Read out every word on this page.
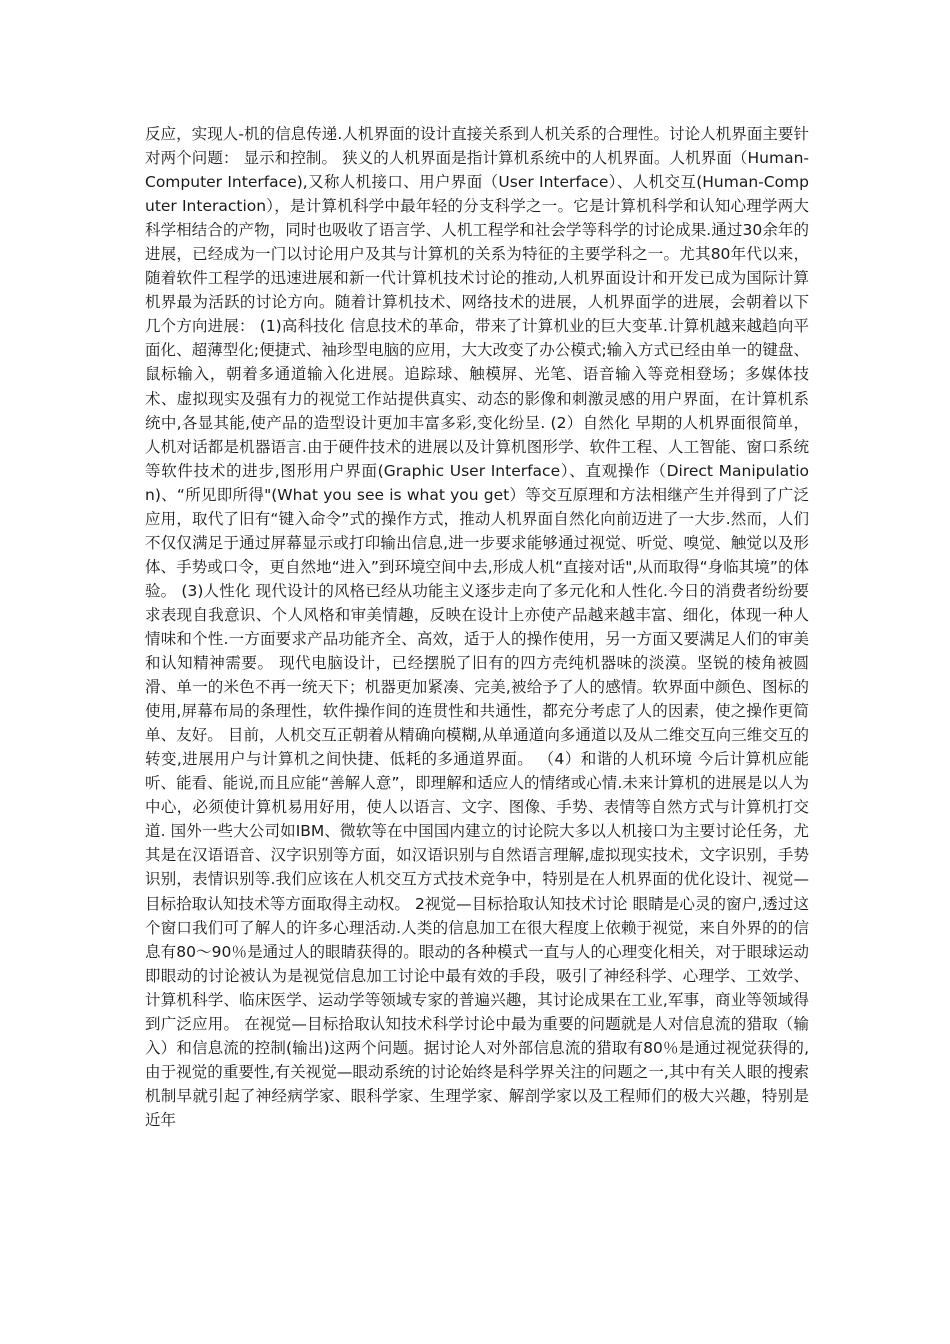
反应，实现人-机的信息传递.人机界面的设计直接关系到人机关系的合理性。讨论人机界面主要针对两个问题： 显示和控制。 狭义的人机界面是指计算机系统中的人机界面。人机界面（Human-Computer Interface),又称人机接口、用户界面（User Interface）、人机交互(Human-Computer Interaction），是计算机科学中最年轻的分支科学之一。它是计算机科学和认知心理学两大科学相结合的产物，同时也吸收了语言学、人机工程学和社会学等科学的讨论成果.通过30余年的进展，已经成为一门以讨论用户及其与计算机的关系为特征的主要学科之一。尤其80年代以来，随着软件工程学的迅速进展和新一代计算机技术讨论的推动,人机界面设计和开发已成为国际计算机界最为活跃的讨论方向。随着计算机技术、网络技术的进展，人机界面学的进展，会朝着以下几个方向进展： (1)高科技化 信息技术的革命，带来了计算机业的巨大变革.计算机越来越趋向平面化、超薄型化;便捷式、袖珍型电脑的应用，大大改变了办公模式;输入方式已经由单一的键盘、鼠标输入，朝着多通道输入化进展。追踪球、触模屏、光笔、语音输入等竞相登场；多媒体技术、虚拟现实及强有力的视觉工作站提供真实、动态的影像和刺激灵感的用户界面，在计算机系统中,各显其能,使产品的造型设计更加丰富多彩,变化纷呈. (2）自然化 早期的人机界面很简单，人机对话都是机器语言.由于硬件技术的进展以及计算机图形学、软件工程、人工智能、窗口系统等软件技术的进步,图形用户界面(Graphic User Interface）、直观操作（Direct Manipulation)、“所见即所得"(What you see is what you get）等交互原理和方法相继产生并得到了广泛应用，取代了旧有“键入命令”式的操作方式，推动人机界面自然化向前迈进了一大步.然而，人们不仅仅满足于通过屏幕显示或打印输出信息,进一步要求能够通过视觉、听觉、嗅觉、触觉以及形体、手势或口令，更自然地“进入”到环境空间中去,形成人机“直接对话",从而取得“身临其境”的体验。 (3)人性化 现代设计的风格已经从功能主义逐步走向了多元化和人性化.今日的消费者纷纷要求表现自我意识、个人风格和审美情趣，反映在设计上亦使产品越来越丰富、细化，体现一种人情味和个性.一方面要求产品功能齐全、高效，适于人的操作使用，另一方面又要满足人们的审美和认知精神需要。 现代电脑设计，已经摆脱了旧有的四方壳纯机器味的淡漠。坚锐的棱角被圆滑、单一的米色不再一统天下；机器更加紧凑、完美,被给予了人的感情。软界面中颜色、图标的使用,屏幕布局的条理性，软件操作间的连贯性和共通性，都充分考虑了人的因素，使之操作更简单、友好。 目前，人机交互正朝着从精确向模糊,从单通道向多通道以及从二维交互向三维交互的转变,进展用户与计算机之间快捷、低耗的多通道界面。 （4）和谐的人机环境 今后计算机应能听、能看、能说,而且应能“善解人意”，即理解和适应人的情绪或心情.未来计算机的进展是以人为中心，必须使计算机易用好用，使人以语言、文字、图像、手势、表情等自然方式与计算机打交道. 国外一些大公司如IBM、微软等在中国国内建立的讨论院大多以人机接口为主要讨论任务，尤其是在汉语语音、汉字识别等方面，如汉语识别与自然语言理解,虚拟现实技术，文字识别，手势识别，表情识别等.我们应该在人机交互方式技术竞争中，特别是在人机界面的优化设计、视觉—目标拾取认知技术等方面取得主动权。 2视觉—目标拾取认知技术讨论 眼睛是心灵的窗户,透过这个窗口我们可了解人的许多心理活动.人类的信息加工在很大程度上依赖于视觉，来自外界的的信息有80～90％是通过人的眼睛获得的。眼动的各种模式一直与人的心理变化相关，对于眼球运动即眼动的讨论被认为是视觉信息加工讨论中最有效的手段，吸引了神经科学、心理学、工效学、计算机科学、临床医学、运动学等领域专家的普遍兴趣，其讨论成果在工业,军事，商业等领域得到广泛应用。 在视觉—目标拾取认知技术科学讨论中最为重要的问题就是人对信息流的猎取（输入）和信息流的控制(输出)这两个问题。据讨论人对外部信息流的猎取有80％是通过视觉获得的,由于视觉的重要性,有关视觉—眼动系统的讨论始终是科学界关注的问题之一,其中有关人眼的搜索机制早就引起了神经病学家、眼科学家、生理学家、解剖学家以及工程师们的极大兴趣，特别是近年
